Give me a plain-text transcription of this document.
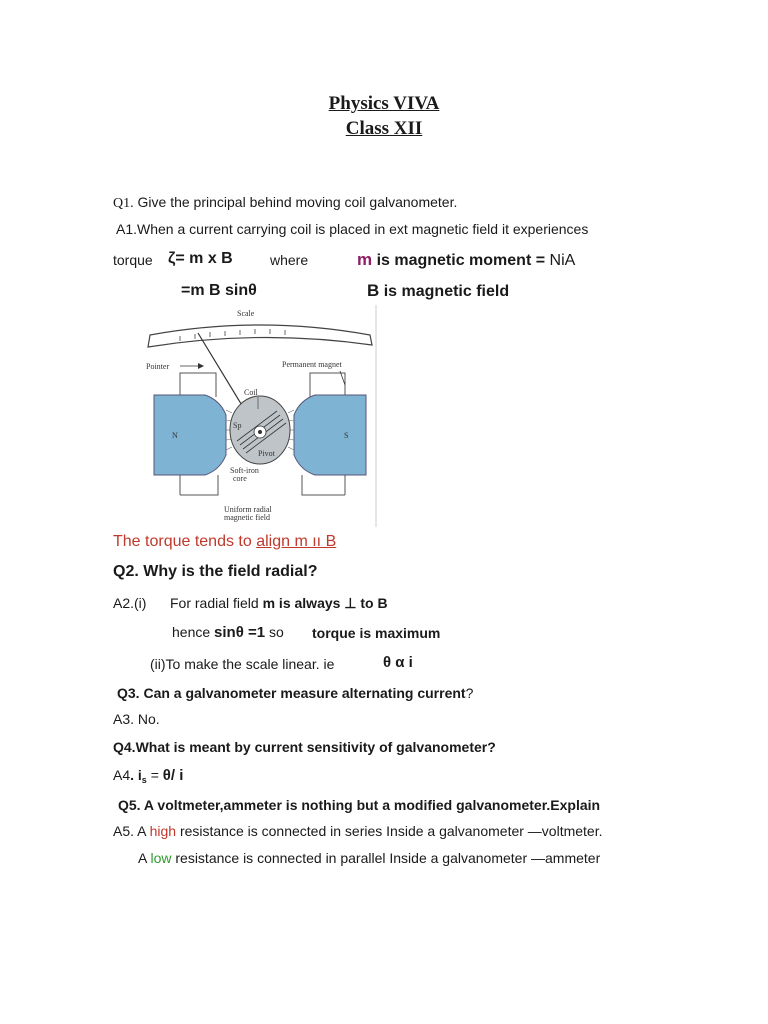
Physics VIVA
Class XII
Q1. Give the principal behind moving coil galvanometer.
A1.When a current carrying coil is placed in ext magnetic field it experiences
torque ζ= m x B	where	m is magnetic moment = NiA
=m B sinθ	B is magnetic field
Scale
Pointer	Permanent magnet
N	S
Coil
Sp
Pivot
Soft-iron
core
Uniform radial
magnetic field
The torque tends to align m ıı B
Q2. Why is the field radial?
A2.(i) For radial field m is always ⊥ to B
hence sinθ =1 so torque is maximum
(ii)To make the scale linear. ie	θ α i
Q3. Can a galvanometer measure alternating current?
A3. No.
Q4.What is meant by current sensitivity of galvanometer?
A4. $i_s = \theta/$ i
Q5. A voltmeter,ammeter is nothing but a modified galvanometer.Explain
A5. A high resistance is connected in series Inside a galvanometer —voltmeter.
A low resistance is connected in parallel Inside a galvanometer —ammeter
